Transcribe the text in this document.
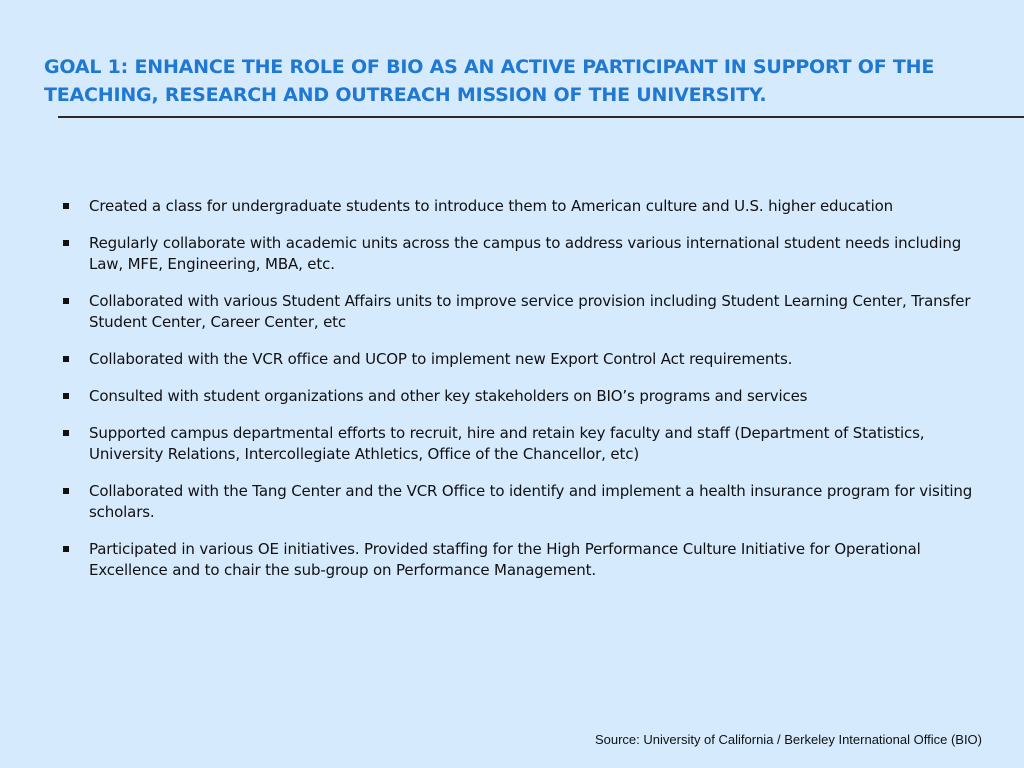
GOAL 1: ENHANCE THE ROLE OF BIO AS AN ACTIVE PARTICIPANT IN SUPPORT OF THE TEACHING, RESEARCH AND OUTREACH MISSION OF THE UNIVERSITY.
Created a class for undergraduate students to introduce them to American culture and U.S. higher education
Regularly collaborate with academic units across the campus to address various international student needs including Law, MFE, Engineering, MBA, etc.
Collaborated with various Student Affairs units to improve service provision including Student Learning Center, Transfer Student Center, Career Center, etc
Collaborated with the VCR office and UCOP to implement new Export Control Act requirements.
Consulted with student organizations and other key stakeholders on BIO’s programs and services
Supported campus departmental efforts to recruit, hire and retain key faculty and staff (Department of Statistics, University Relations, Intercollegiate Athletics, Office of the Chancellor, etc)
Collaborated with the Tang Center and the VCR Office to identify and implement a health insurance program for visiting scholars.
Participated in various OE initiatives. Provided staffing for the High Performance Culture Initiative for Operational Excellence and to chair the sub-group on Performance Management.
Source: University of California / Berkeley International Office (BIO)
